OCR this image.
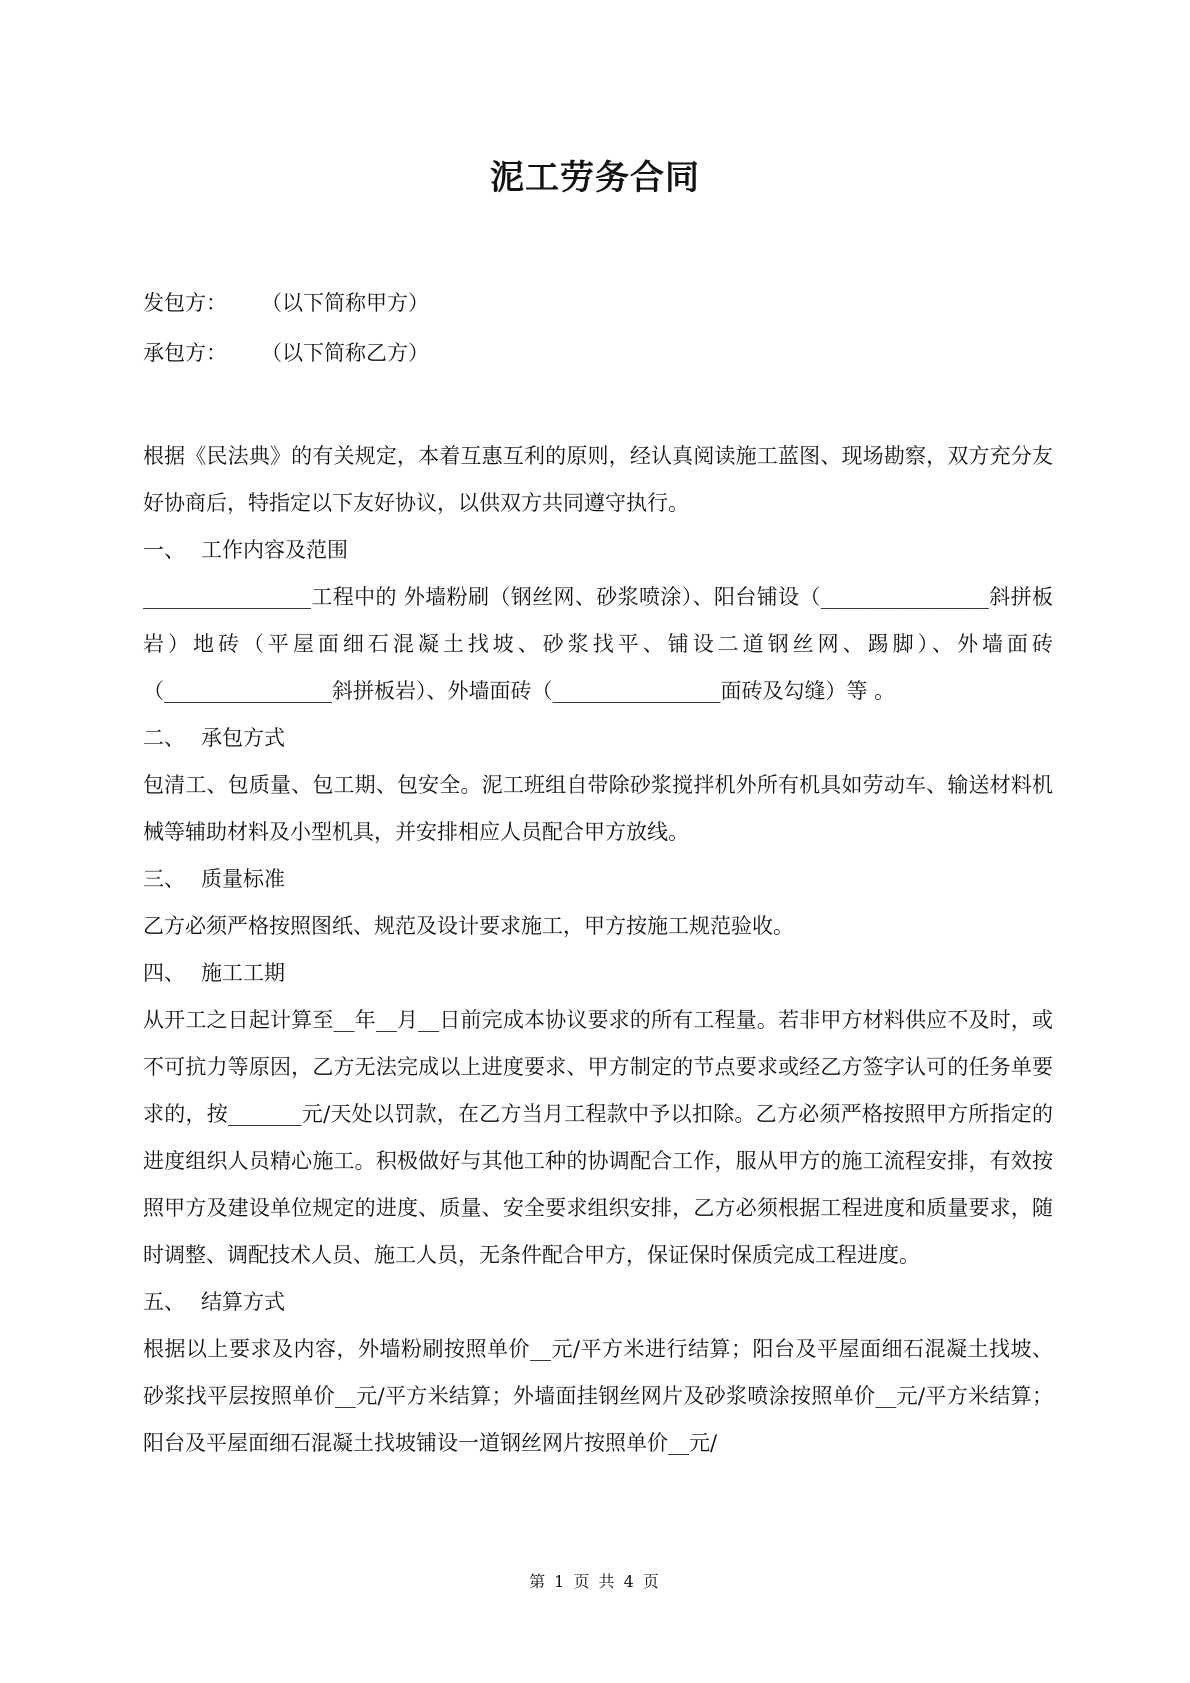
泥工劳务合同

发包方： （以下简称甲方）

承包方： （以下简称乙方）

根据《民法典》的有关规定，本着互惠互利的原则，经认真阅读施工蓝图、现场勘察，双方充分友好协商后，特指定以下友好协议，以供双方共同遵守执行。

一、 工作内容及范围

________________工程中的 外墙粉刷（钢丝网、砂浆喷涂）、阳台铺设（________________斜拼板岩）地砖（平屋面细石混凝土找坡、砂浆找平、铺设二道钢丝网、踢脚）、外墙面砖（________________斜拼板岩）、外墙面砖（________________面砖及勾缝）等 。

二、 承包方式

包清工、包质量、包工期、包安全。泥工班组自带除砂浆搅拌机外所有机具如劳动车、输送材料机械等辅助材料及小型机具，并安排相应人员配合甲方放线。

三、 质量标准

乙方必须严格按照图纸、规范及设计要求施工，甲方按施工规范验收。

四、 施工工期

从开工之日起计算至__年__月__日前完成本协议要求的所有工程量。若非甲方材料供应不及时，或不可抗力等原因，乙方无法完成以上进度要求、甲方制定的节点要求或经乙方签字认可的任务单要求的，按_______元/天处以罚款，在乙方当月工程款中予以扣除。乙方必须严格按照甲方所指定的进度组织人员精心施工。积极做好与其他工种的协调配合工作，服从甲方的施工流程安排，有效按照甲方及建设单位规定的进度、质量、安全要求组织安排，乙方必须根据工程进度和质量要求，随时调整、调配技术人员、施工人员，无条件配合甲方，保证保时保质完成工程进度。

五、 结算方式

根据以上要求及内容，外墙粉刷按照单价__元/平方米进行结算；阳台及平屋面细石混凝土找坡、砂浆找平层按照单价__元/平方米结算；外墙面挂钢丝网片及砂浆喷涂按照单价__元/平方米结算；阳台及平屋面细石混凝土找坡铺设一道钢丝网片按照单价__元/

第 1 页 共 4 页
